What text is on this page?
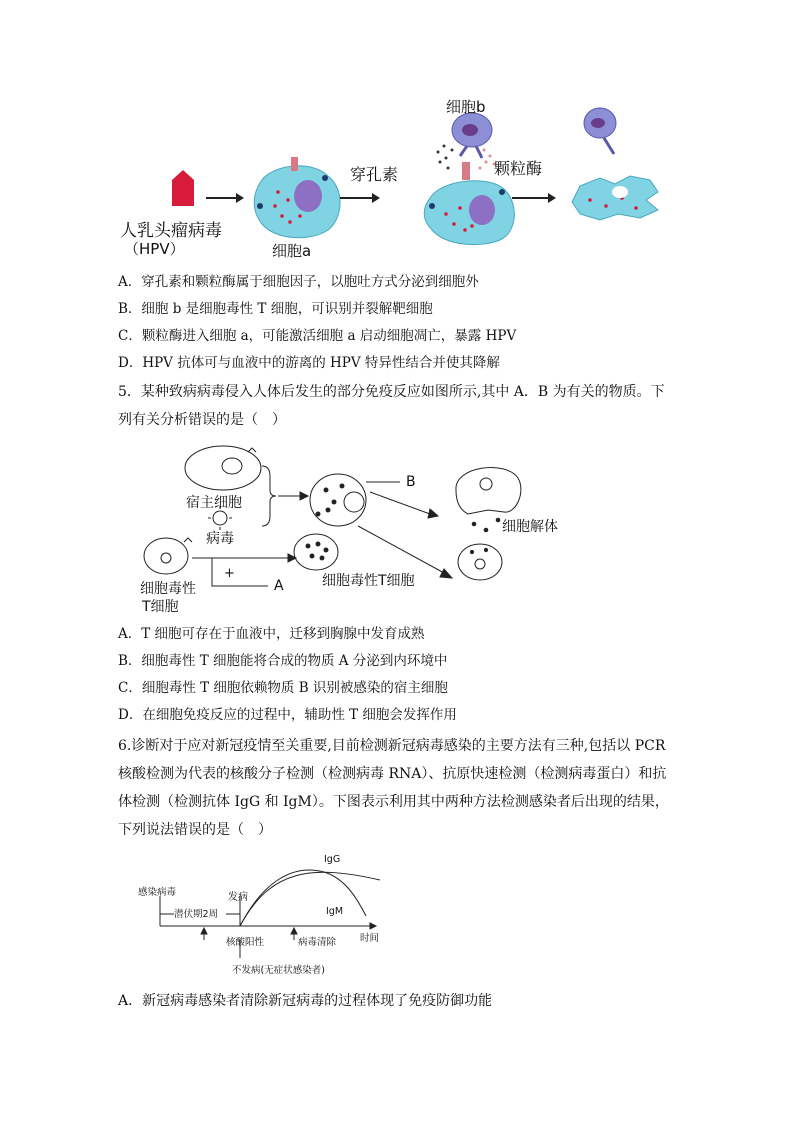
人乳头瘤病毒
（HPV）	细胞a
细胞b
穿孔素	颗粒酶
A．穿孔素和颗粒酶属于细胞因子，以胞吐方式分泌到细胞外
B．细胞 b 是细胞毒性 T 细胞，可识别并裂解靶细胞
C．颗粒酶进入细胞 a，可能激活细胞 a 启动细胞凋亡，暴露 HPV
D．HPV 抗体可与血液中的游离的 HPV 特异性结合并使其降解
5．某种致病病毒侵入人体后发生的部分免疫反应如图所示,其中 A．B 为有关的物质。下列有关分析错误的是（　）
宿主细胞
病毒
B
细胞解体
细胞毒性
T细胞
+
A	细胞毒性T细胞
A．T 细胞可存在于血液中，迁移到胸腺中发育成熟
B．细胞毒性 T 细胞能将合成的物质 A 分泌到内环境中
C．细胞毒性 T 细胞依赖物质 B 识别被感染的宿主细胞
D．在细胞免疫反应的过程中，辅助性 T 细胞会发挥作用
6.诊断对于应对新冠疫情至关重要,目前检测新冠病毒感染的主要方法有三种,包括以 PCR 核酸检测为代表的核酸分子检测（检测病毒 RNA）、抗原快速检测（检测病毒蛋白）和抗体检测（检测抗体 IgG 和 IgM）。下图表示利用其中两种方法检测感染者后出现的结果，下列说法错误的是（　）
感染病毒
潜伏期2周
发病
IgG
IgM
核酸阳性	病毒清除	时间
不发病(无症状感染者)
A．新冠病毒感染者清除新冠病毒的过程体现了免疫防御功能
